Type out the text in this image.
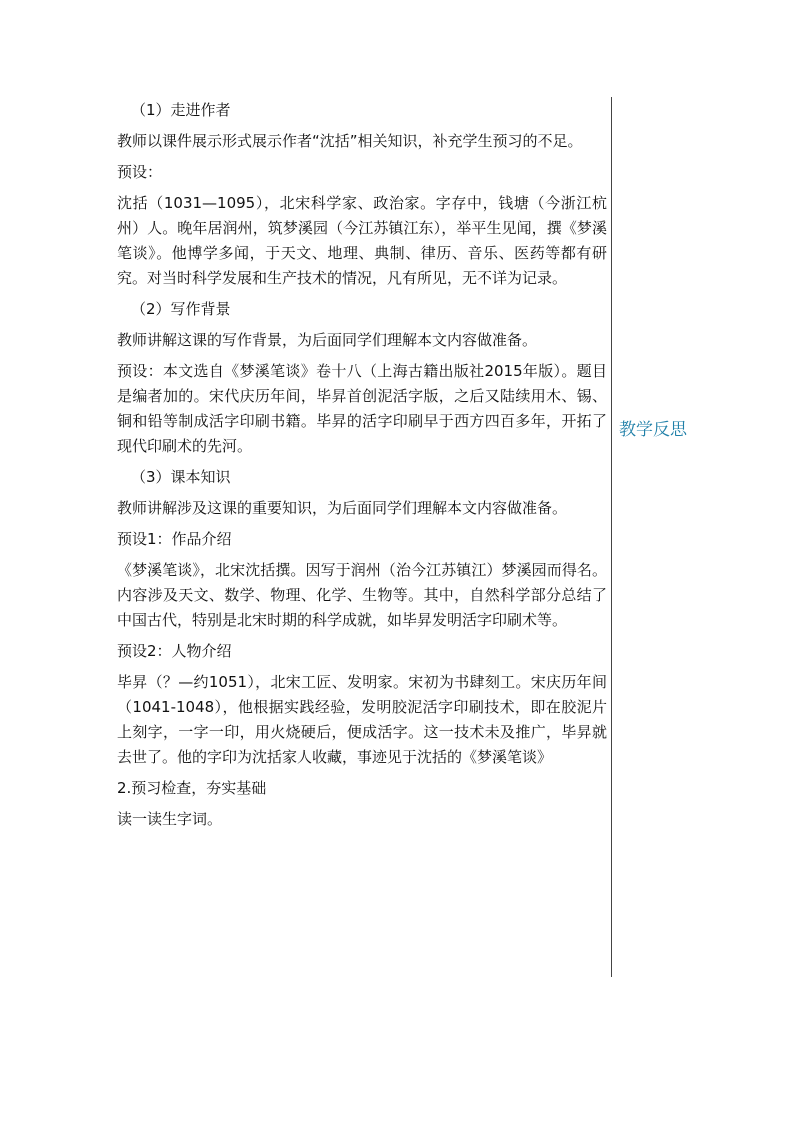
（1）走进作者

教师以课件展示形式展示作者“沈括”相关知识，补充学生预习的不足。

预设：

沈括（1031—1095），北宋科学家、政治家。字存中，钱塘（今浙江杭州）人。晚年居润州，筑梦溪园（今江苏镇江东），举平生见闻，撰《梦溪笔谈》。他博学多闻，于天文、地理、典制、律历、音乐、医药等都有研究。对当时科学发展和生产技术的情况，凡有所见，无不详为记录。

（2）写作背景

教师讲解这课的写作背景，为后面同学们理解本文内容做准备。

预设：本文选自《梦溪笔谈》卷十八（上海古籍出版社2015年版）。题目是编者加的。宋代庆历年间，毕昇首创泥活字版，之后又陆续用木、锡、铜和铅等制成活字印刷书籍。毕昇的活字印刷早于西方四百多年，开拓了现代印刷术的先河。

（3）课本知识

教师讲解涉及这课的重要知识，为后面同学们理解本文内容做准备。

预设1：作品介绍

《梦溪笔谈》，北宋沈括撰。因写于润州（治今江苏镇江）梦溪园而得名。内容涉及天文、数学、物理、化学、生物等。其中，自然科学部分总结了中国古代，特别是北宋时期的科学成就，如毕昇发明活字印刷术等。

预设2：人物介绍

毕昇（？—约1051），北宋工匠、发明家。宋初为书肆刻工。宋庆历年间（1041-1048），他根据实践经验，发明胶泥活字印刷技术，即在胶泥片上刻字，一字一印，用火烧硬后，便成活字。这一技术未及推广，毕昇就去世了。他的字印为沈括家人收藏，事迹见于沈括的《梦溪笔谈》

2.预习检查，夯实基础

读一读生字词。

教学反思
